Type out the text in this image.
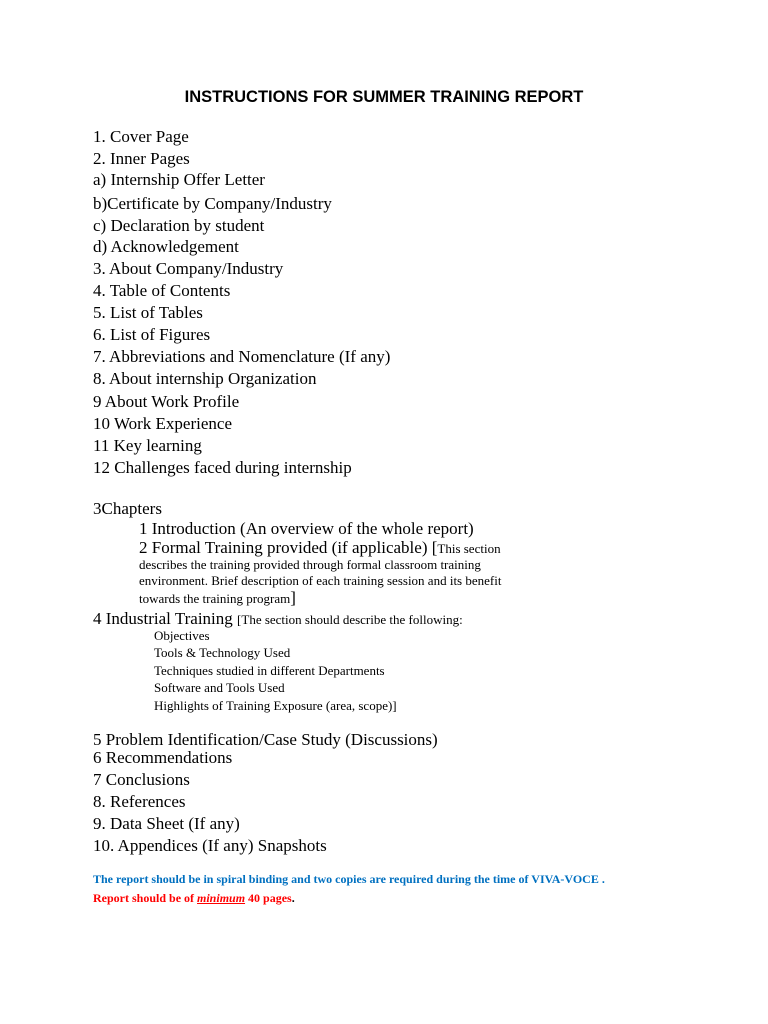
INSTRUCTIONS FOR SUMMER TRAINING REPORT
1. Cover Page
2. Inner Pages
a) Internship Offer Letter
b)Certificate by Company/Industry
c) Declaration by student
d) Acknowledgement
3. About Company/Industry
4. Table of Contents
5. List of Tables
6. List of Figures
7. Abbreviations and Nomenclature (If any)
8. About internship Organization
9 About Work Profile
10 Work Experience
11 Key learning
12 Challenges faced during internship
3Chapters
1 Introduction (An overview of the whole report)
2 Formal Training provided (if applicable) [This section
describes the training provided through formal classroom training
environment. Brief description of each training session and its benefit
towards the training program]
4 Industrial Training [The section should describe the following:
Objectives
Tools & Technology Used
Techniques studied in different Departments
Software and Tools Used
Highlights of Training Exposure (area, scope)]
5 Problem Identification/Case Study (Discussions)
6 Recommendations
7 Conclusions
8. References
9. Data Sheet (If any)
10. Appendices (If any) Snapshots
The report should be in spiral binding and two copies are required during the time of VIVA-VOCE .
Report should be of minimum 40 pages.
